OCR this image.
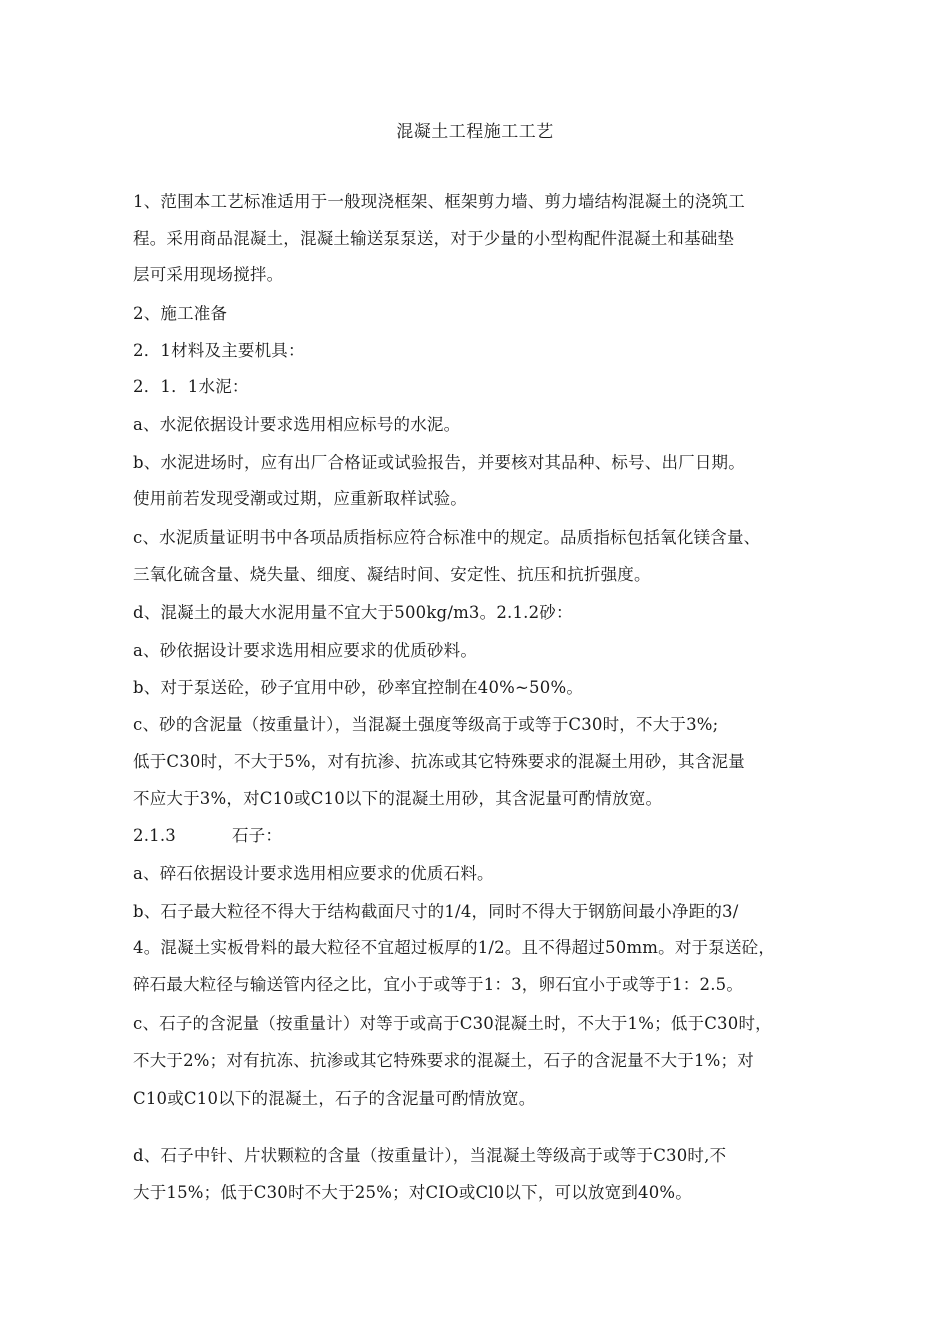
混凝土工程施工工艺
1、范围本工艺标准适用于一般现浇框架、框架剪力墙、剪力墙结构混凝土的浇筑工
程。采用商品混凝土，混凝土输送泵泵送，对于少量的小型构配件混凝土和基础垫
层可采用现场搅拌。
2、施工准备
2．1材料及主要机具：
2．1．1水泥：
a、水泥依据设计要求选用相应标号的水泥。
b、水泥进场时，应有出厂合格证或试验报告，并要核对其品种、标号、出厂日期。
使用前若发现受潮或过期，应重新取样试验。
c、水泥质量证明书中各项品质指标应符合标准中的规定。品质指标包括氧化镁含量、
三氧化硫含量、烧失量、细度、凝结时间、安定性、抗压和抗折强度。
d、混凝土的最大水泥用量不宜大于500kg/m3。2.1.2砂：
a、砂依据设计要求选用相应要求的优质砂料。
b、对于泵送砼，砂子宜用中砂，砂率宜控制在40%~50%。
c、砂的含泥量（按重量计），当混凝土强度等级高于或等于C30时，不大于3%;
低于C30时，不大于5%，对有抗渗、抗冻或其它特殊要求的混凝土用砂，其含泥量
不应大于3%，对C10或C10以下的混凝土用砂，其含泥量可酌情放宽。
2.1.3	石子：
a、碎石依据设计要求选用相应要求的优质石料。
b、石子最大粒径不得大于结构截面尺寸的1/4，同时不得大于钢筋间最小净距的3/
4。混凝土实板骨料的最大粒径不宜超过板厚的1/2。且不得超过50mm。对于泵送砼，
碎石最大粒径与输送管内径之比，宜小于或等于1：3，卵石宜小于或等于1：2.5。
c、石子的含泥量（按重量计）对等于或高于C30混凝土时，不大于1%；低于C30时，
不大于2%；对有抗冻、抗渗或其它特殊要求的混凝土，石子的含泥量不大于1%；对
C10或C10以下的混凝土，石子的含泥量可酌情放宽。
d、石子中针、片状颗粒的含量（按重量计），当混凝土等级高于或等于C30时,不
大于15%；低于C30时不大于25%；对CIO或Cl0以下，可以放宽到40%。
